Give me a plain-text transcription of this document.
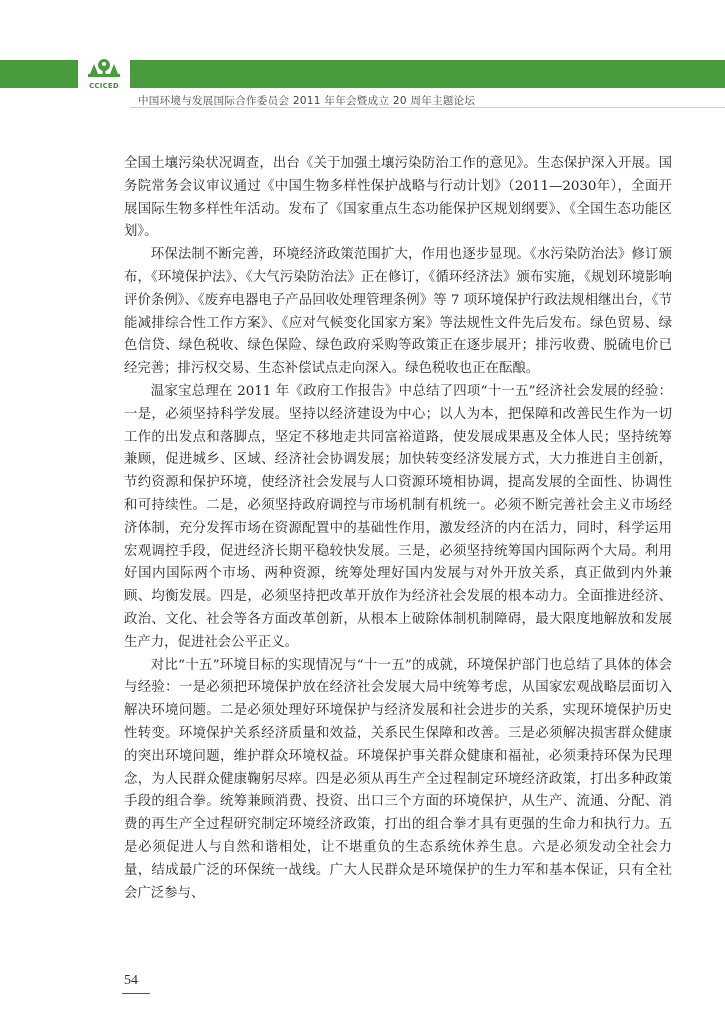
CCICED
中国环境与发展国际合作委员会 2011 年年会暨成立 20 周年主题论坛

全国土壤污染状况调查，出台《关于加强土壤污染防治工作的意见》。生态保护深入开展。国务院常务会议审议通过《中国生物多样性保护战略与行动计划》（2011—2030年），全面开展国际生物多样性年活动。发布了《国家重点生态功能保护区规划纲要》、《全国生态功能区划》。

环保法制不断完善，环境经济政策范围扩大，作用也逐步显现。《水污染防治法》修订颁布，《环境保护法》、《大气污染防治法》正在修订，《循环经济法》颁布实施，《规划环境影响评价条例》、《废弃电器电子产品回收处理管理条例》等 7 项环境保护行政法规相继出台，《节能减排综合性工作方案》、《应对气候变化国家方案》等法规性文件先后发布。绿色贸易、绿色信贷、绿色税收、绿色保险、绿色政府采购等政策正在逐步展开；排污收费、脱硫电价已经完善；排污权交易、生态补偿试点走向深入。绿色税收也正在酝酿。

温家宝总理在 2011 年《政府工作报告》中总结了四项“十一五”经济社会发展的经验：一是，必须坚持科学发展。坚持以经济建设为中心；以人为本，把保障和改善民生作为一切工作的出发点和落脚点，坚定不移地走共同富裕道路，使发展成果惠及全体人民；坚持统筹兼顾，促进城乡、区域、经济社会协调发展；加快转变经济发展方式，大力推进自主创新，节约资源和保护环境，使经济社会发展与人口资源环境相协调，提高发展的全面性、协调性和可持续性。二是，必须坚持政府调控与市场机制有机统一。必须不断完善社会主义市场经济体制，充分发挥市场在资源配置中的基础性作用，激发经济的内在活力，同时，科学运用宏观调控手段，促进经济长期平稳较快发展。三是，必须坚持统筹国内国际两个大局。利用好国内国际两个市场、两种资源，统筹处理好国内发展与对外开放关系，真正做到内外兼顾、均衡发展。四是，必须坚持把改革开放作为经济社会发展的根本动力。全面推进经济、政治、文化、社会等各方面改革创新，从根本上破除体制机制障碍，最大限度地解放和发展生产力，促进社会公平正义。

对比“十五”环境目标的实现情况与“十一五”的成就，环境保护部门也总结了具体的体会与经验：一是必须把环境保护放在经济社会发展大局中统筹考虑，从国家宏观战略层面切入解决环境问题。二是必须处理好环境保护与经济发展和社会进步的关系，实现环境保护历史性转变。环境保护关系经济质量和效益，关系民生保障和改善。三是必须解决损害群众健康的突出环境问题，维护群众环境权益。环境保护事关群众健康和福祉，必须秉持环保为民理念，为人民群众健康鞠躬尽瘁。四是必须从再生产全过程制定环境经济政策，打出多种政策手段的组合拳。统筹兼顾消费、投资、出口三个方面的环境保护，从生产、流通、分配、消费的再生产全过程研究制定环境经济政策，打出的组合拳才具有更强的生命力和执行力。五是必须促进人与自然和谐相处，让不堪重负的生态系统休养生息。六是必须发动全社会力量，结成最广泛的环保统一战线。广大人民群众是环境保护的生力军和基本保证，只有全社会广泛参与、

54
